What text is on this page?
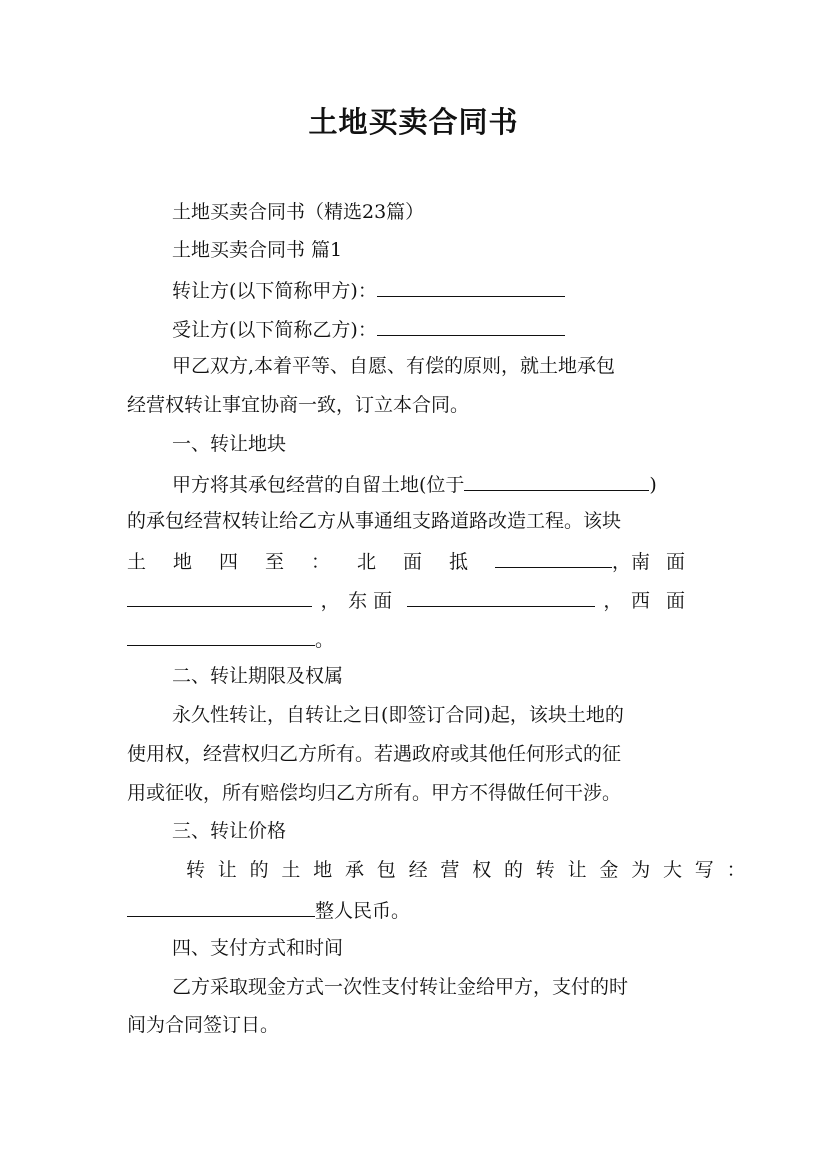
土地买卖合同书
土地买卖合同书（精选23篇）
土地买卖合同书 篇1
转让方(以下简称甲方)：
受让方(以下简称乙方)：
甲乙双方,本着平等、自愿、有偿的原则，就土地承包
经营权转让事宜协商一致，订立本合同。
一、转让地块
甲方将其承包经营的自留土地(位于	)
的承包经营权转让给乙方从事通组支路道路改造工程。该块
土地四至：北面抵	， 南面
， 东面	， 西面
。
二、转让期限及权属
永久性转让，自转让之日(即签订合同)起，该块土地的
使用权，经营权归乙方所有。若遇政府或其他任何形式的征
用或征收，所有赔偿均归乙方所有。甲方不得做任何干涉。
三、转让价格
转让的土地承包经营权的转让金为大写：
整人民币。
四、支付方式和时间
乙方采取现金方式一次性支付转让金给甲方，支付的时
间为合同签订日。
